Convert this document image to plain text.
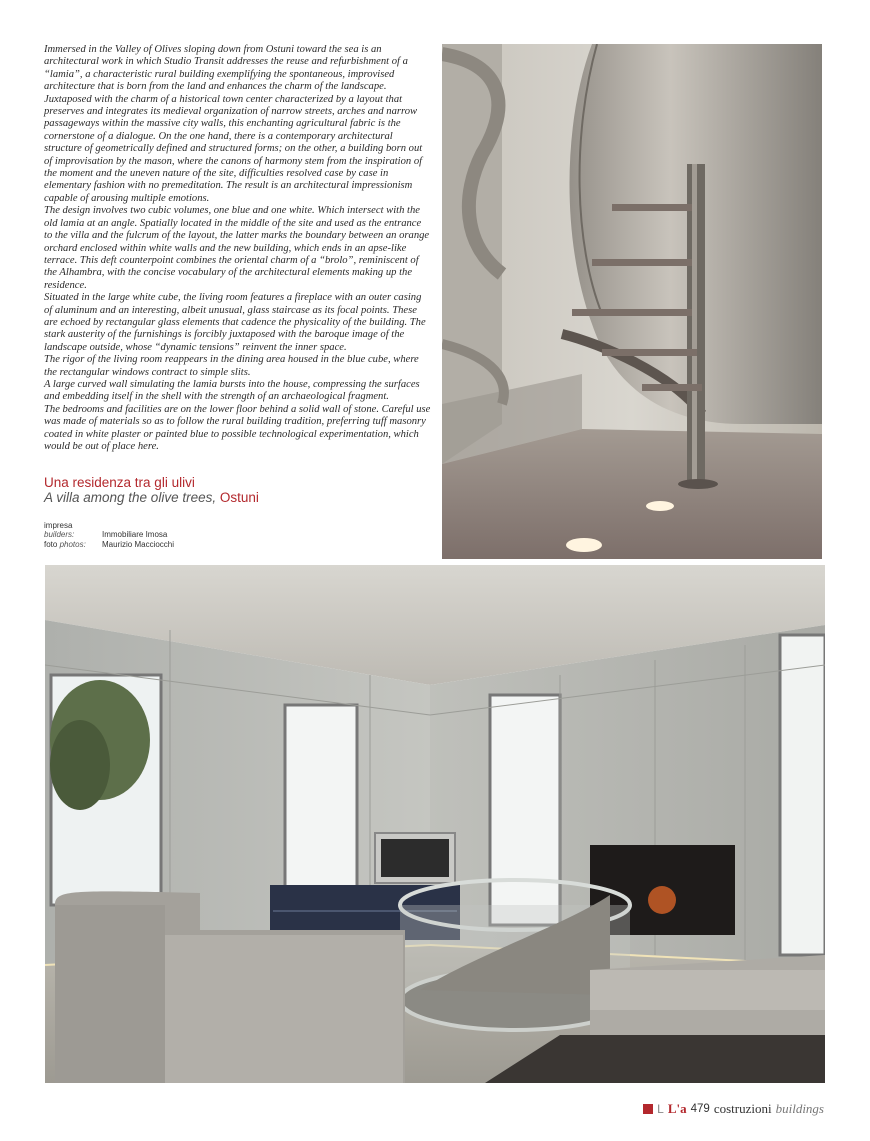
Immersed in the Valley of Olives sloping down from Ostuni toward the sea is an architectural work in which Studio Transit addresses the reuse and refurbishment of a “lamia”, a characteristic rural building exemplifying the spontaneous, improvised architecture that is born from the land and enhances the charm of the landscape.

Juxtaposed with the charm of a historical town center characterized by a layout that preserves and integrates its medieval organization of narrow streets, arches and narrow passageways within the massive city walls, this enchanting agricultural fabric is the cornerstone of a dialogue. On the one hand, there is a contemporary architectural structure of geometrically defined and structured forms; on the other, a building born out of improvisation by the mason, where the canons of harmony stem from the inspiration of the moment and the uneven nature of the site, difficulties resolved case by case in elementary fashion with no premeditation. The result is an architectural impressionism capable of arousing multiple emotions.

The design involves two cubic volumes, one blue and one white. Which intersect with the old lamia at an angle. Spatially located in the middle of the site and used as the entrance to the villa and the fulcrum of the layout, the latter marks the boundary between an orange orchard enclosed within white walls and the new building, which ends in an apse-like terrace. This deft counterpoint combines the oriental charm of a “brolo”, reminiscent of the Alhambra, with the concise vocabulary of the architectural elements making up the residence.

Situated in the large white cube, the living room features a fireplace with an outer casing of aluminum and an interesting, albeit unusual, glass staircase as its focal points. These are echoed by rectangular glass elements that cadence the physicality of the building. The stark austerity of the furnishings is forcibly juxtaposed with the baroque image of the landscape outside, whose “dynamic tensions” reinvent the inner space.

The rigor of the living room reappears in the dining area housed in the blue cube, where the rectangular windows contract to simple slits.

A large curved wall simulating the lamia bursts into the house, compressing the surfaces and embedding itself in the shell with the strength of an archaeological fragment.

The bedrooms and facilities are on the lower floor behind a solid wall of stone. Careful use was made of materials so as to follow the rural building tradition, preferring tuff masonry coated in white plaster or painted blue to possible technological experimentation, which would be out of place here.

Una residenza tra gli ulivi
A villa among the olive trees, Ostuni
impresa builders:	Immobiliare Imosa
foto photos: Maurizio Macciocchi
L L'a 479 costruzioni buildings
